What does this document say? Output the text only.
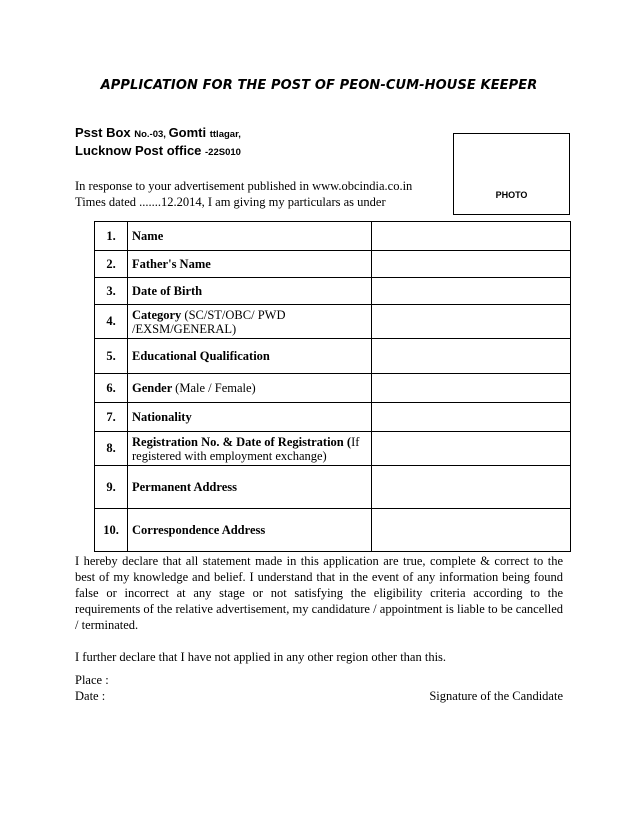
APPLICATION FOR THE POST OF PEON-CUM-HOUSE KEEPER
Psst Box No.-03, Gomti ttlagar,
Lucknow Post office -22S010
In response to your advertisement published in www.obcindia.co.in
Times dated .......12.2014, I am giving my particulars as under	PHOTO
1.	Name	
2.	Father's Name	
3.	Date of Birth	
4.	Category (SC/ST/OBC/ PWD /EXSM/GENERAL)	
5.	Educational Qualification	
6.	Gender (Male / Female)	
7.	Nationality	
8.	Registration No. & Date of Registration (If registered with employment exchange)	
9.	Permanent Address	
10.	Correspondence Address	
I hereby declare that all statement made in this application are true, complete & correct to the best of my knowledge and belief. I understand that in the event of any information being found false or incorrect at any stage or not satisfying the eligibility criteria according to the requirements of the relative advertisement, my candidature / appointment is liable to be cancelled / terminated.
I further declare that I have not applied in any other region other than this.
Place :
Date :	Signature of the Candidate
